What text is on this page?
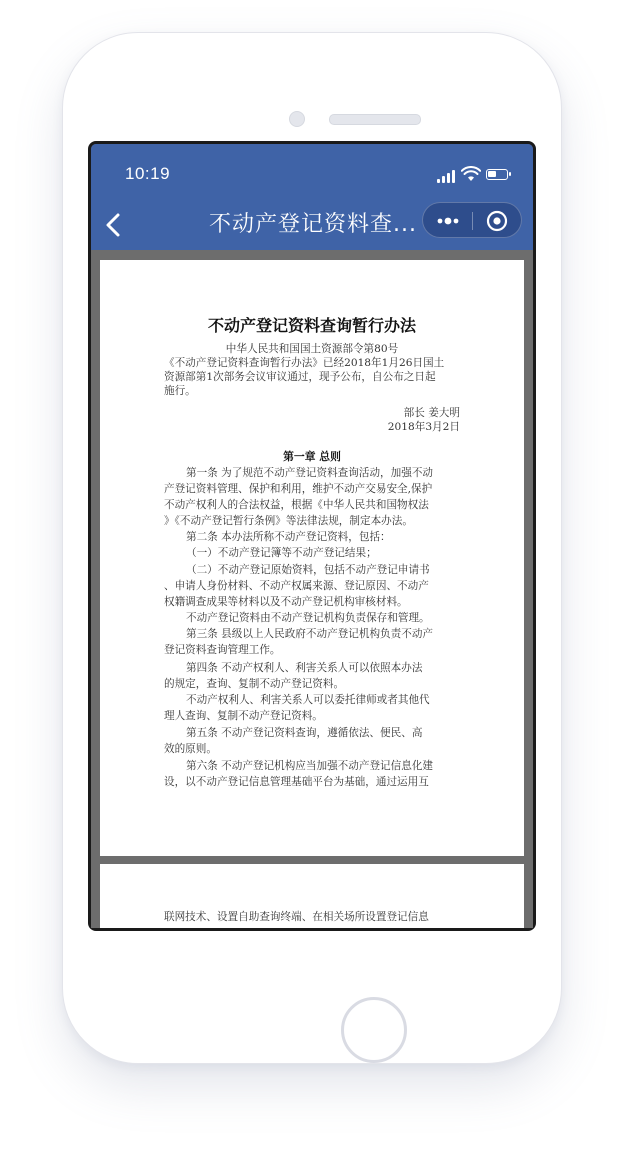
10:19
不动产登记资料查...
不动产登记资料查询暂行办法
中华人民共和国国土资源部令第80号
《不动产登记资料查询暂行办法》已经2018年1月26日国土
资源部第1次部务会议审议通过，现予公布，自公布之日起
施行。
部长 姜大明
2018年3月2日
第一章 总则
第一条 为了规范不动产登记资料查询活动，加强不动
产登记资料管理、保护和利用，维护不动产交易安全,保护
不动产权利人的合法权益，根据《中华人民共和国物权法
》《不动产登记暂行条例》等法律法规，制定本办法。
第二条 本办法所称不动产登记资料，包括：
（一）不动产登记簿等不动产登记结果；
（二）不动产登记原始资料，包括不动产登记申请书
、申请人身份材料、不动产权属来源、登记原因、不动产
权籍调查成果等材料以及不动产登记机构审核材料。
不动产登记资料由不动产登记机构负责保存和管理。
第三条 县级以上人民政府不动产登记机构负责不动产
登记资料查询管理工作。
第四条 不动产权利人、利害关系人可以依照本办法
的规定，查询、复制不动产登记资料。
不动产权利人、利害关系人可以委托律师或者其他代
理人查询、复制不动产登记资料。
第五条 不动产登记资料查询，遵循依法、便民、高
效的原则。
第六条 不动产登记机构应当加强不动产登记信息化建
设，以不动产登记信息管理基础平台为基础，通过运用互
联网技术、设置自助查询终端、在相关场所设置登记信息
